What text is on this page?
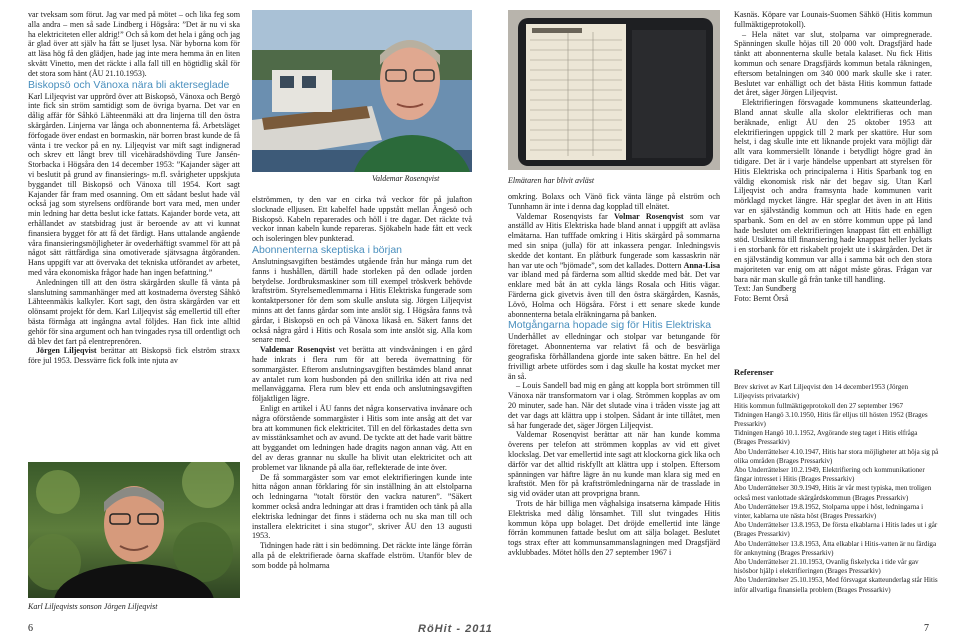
var tveksam som förut. Jag var med på mötet – och lika feg som alla andra – men så sade Lindberg i Högsåra: ”Det är nu vi ska ha elektriciteten eller aldrig!” Och så kom det hela i gång och jag är glad över att själv ha fått se ljuset lysa. När byborna kom för att läsa hög få den glädjen, hade jag inte mera hemma än en liten skvätt Vinetto, men det räckte i alla fall till en högtidlig skål för det stora som hänt (ÅU 21.10.1953).

Biskopsö och Vänoxa nära bli akterseglade

Karl Liljeqvist var upprörd över att Biskopsö, Vänoxa och Bergö inte fick sin ström samtidigt som de övriga byarna. Det var en dålig affär för Såhkö Lähteenmäki att dra linjerna till den östra skärgården. Linjerna var långa och abonnenterna få. Arbetsläget förfogade över endast en bormaskin, när borren brast kunde de få vänta i tre veckor på en ny. Liljeqvist var mift sagt indignerad och skrev ett långt brev till vicehäradshövding Ture Jansén-Storbacka i Högsåra den 14 december 1953: ”Kajander säger att vi beslutit på grund av finansierings- m.fl. svårigheter uppskjuta byggandet till Biskopsö och Vänoxa till 1954. Kort sagt Kajander får fram med osanning. Om ett sådant beslut hade väl också jag som styrelsens ordförande bort vara med, men under min ledning har detta beslut icke fattats. Kajander borde veta, att erhållandet av statsbidrag just är beroende av att vi kunnat finansiera bygget för att få det färdigt. Hans uttalande angående våra finansieringsmöjligheter är ovederhäftigt svammel för att på något sätt rättfärdiga sina omotiverade sjätvsagna åtgöranden. Hans uppgift var att övervaka det tekniska utförandet av arbetet, med våra ekonomiska frågor hade han ingen befattning.”

Anledningen till att den östra skärgården skulle få vänta på slanslutning sammanhänger med att kostnaderna översteg Såhkö Lähteenmäkis kalkyler. Kort sagt, den östra skärgården var ett olönsamt projekt för dem. Karl Liljeqvist såg emellertid till efter bästa förmåga att ingångna avtal följdes. Han fick inte alltid gehör för sina argument och han tvingades rysa till ordentligt och då blev det fart på elentreprenören.

Jörgen Liljeqvist berättar att Biskopsö fick elström straxx före jul 1953. Dessvärre fick folk inte njuta av

Karl Liljeqvists sonson Jörgen Liljeqvist
Valdemar Rosenqvist

elströmmen, ty den var en cirka två veckor för på julafton slocknade elljusen. Ett kabelfel hade uppstått mellan Ängesö och Biskopsö. Kabeln reparerades och höll i tre dagar. Det räckte två veckor innan kabeln kunde repareras. Sjökabeln hade fått ett veck och isoleringen blev punkterad.

Abonnenterna skeptiska i början

Anslutningsavgiften bestämdes utgående från hur många rum det fanns i hushållen, därtill hade storleken på den odlade jorden betydelse. Jordbruksmaskiner som till exempel tröskverk behövde kraftström. Styrelsemedlemmarna i Hitis Elektriska fungerade som kontaktpersoner för dem som skulle ansluta sig. Jörgen Liljeqvist minns att det fanns gårdar som inte anslöt sig. I Högsåra fanns två gårdar, i Biskopsö en och på Vänoxa likaså en. Säkert fanns det också några gård i Hitis och Rosala som inte anslöt sig. Alla kom senare med.

Valdemar Rosenqvist vet berätta att vindsvåningen i en gård hade inkrats i flera rum för att bereda övernattning för sommargäster. Efterom anslutningsavgiften bestämdes bland annat av antalet rum kom husbonden på den snillrika idén att riva ned mellanväggarna. Flera rum blev ett enda och anslutningsavgiften följaktligen lägre.

Enligt en artikel i ÅU fanns det några konservativa invånare och några oförstående sommargäster i Hitis som inte ansåg att det var bra att kommunen fick elektricitet. Till en del förkastades detta svn av misstänksamhet och av avund. De tyckte att det hade varit bättre att byggandet om ledningen hade dragits nagon annan väg. Att en del av deras grannar nu skulle ha blivit utan elektricitet och att problemet var liknande på alla öar, reflekterade de inte över.

De få sommargäster som var emot elektrifieringen kunde inte hitta någon annan förklaring för sin inställning än att elstolparna och ledningarna ”totalt förstör den vackra naturen”. ”Säkert kommer också andra ledningar att dras i framtiden och tänk på alla elektriska ledningar det finns i städerna och nu ska man till och installera elektricitet i sina stugor”, skriver ÅU den 13 augusti 1953.

Tidningen hade rätt i sin bedömning. Det räckte inte länge förrän alla på de elektrifierade öarna skaffade elström. Utanför blev de som bodde på holmarna

Elmätaren har blivit avläst

omkring. Bolaxs och Vänö fick vänta länge på elström och Tunnhamn är inte i denna dag kopplad till elnätet.

Valdemar Rosenqvists far Volmar Rosenqvist som var anställd av Hitis Elektriska hade bland annat i uppgift att avläsa elmätarna. Han tufffade omkring i Hitis skärgård på sommarna med sin snipa (julla) för att inkassera pengar. Inledningsvis skedde det kontant. En plåtburk fungerade som kassaskrin när han var ute och ”bjömade”, som det kallades. Dottern Anna-Lisa var ibland med på färderna som alltid skedde med båt. Det var enklare med båt än att cykla längs Rosala och Hitis vägar. Färderna gick givetvis även till den östra skärgården, Kasnäs, Lövö, Holma och Högsåra. Först i ett senare skede kunde abonnenterna betala elräkningarna på banken.

Motgångarna hopade sig för Hitis Elektriska

Underhållet av elledningar och stolpar var betungande för företaget. Abonnenterna var relativt få och de besvärliga geografiska förhållandena gjorde inte saken bättre. En hel del frivilligt arbete utfördes som i dag skulle ha kostat mycket mer än så.

– Louis Sandell bad mig en gång att koppla bort strömmen till Vänoxa när transformatorn var i olag. Strömmen kopplas av om 20 minuter, sade han. När det slutade vina i tråden visste jag att det var dags att klättra upp i stolpen. Sådant är inte tillåtet, men så har fungerade det, säger Jörgen Liljeqvist.

Valdemar Rosenqvist berättar att när han kunde komma överens per telefon att strömmen kopplas av vid ett givet klockslag. Det var emellertid inte sagt att klockorna gick lika och därför var det alltid riskfyllt att klättra upp i stolpen. Eftersom spänningen var häftre lägre än nu kunde man klara sig med en kraftstöt. Men för på kraftströmledningarna när de trasslade in sig vid oväder utan att provprigna brann.

Trots de här billiga men våghalsiga insatserna kämpade Hitis Elektriska med dålig lönsamhet. Till slut tvingades Hitis kommun köpa upp bolaget. Det dröjde emellertid inte länge förrän kommunen fattade beslut om att sälja bolaget. Beslutet togs strax efter att kommunsammanslagningen med Dragsfjärd avklubbades. Mötet hölls den 27 september 1967 i

Kasnäs. Köpare var Lounais-Suomen Sähkö (Hitis kommun fullmäktigeprotokoll).

– Hela nätet var slut, stolparna var oimpregnerade. Spänningen skulle höjas till 20 000 volt. Dragsfjärd hade tänkt att abonnenterna skulle betala kalaset. Nu fick Hitis kommun och senare Dragsfjärds kommun betala räkningen, eftersom betalningen om 340 000 mark skulle ske i rater. Beslutet var enhälligt och det bästa Hitis kommun fattade det året, säger Jörgen Liljeqvist.

Elektrifieringen försvagade kommunens skatteunderlag. Bland annat skulle alla skolor elektrifieras och man beräknade, enligt ÅU den 25 oktober 1953 att elektrifieringen uppgick till 2 mark per skattöre. Hur som helst, i dag skulle inte ett liknande projekt vara möjligt där allt vara kommersiellt lönande i betydligt högre grad än tidigare. Det är i varje händelse uppenbart att styrelsen för Hitis Elektriska och principalerna i Hitis Sparbank tog en väldig ekonomisk risk när det begav sig. Utan Karl Liljeqvist och andra framsynta hade kommunen varit mörklagd mycket längre. Här speglar det även in att Hitis var en självständig kommun och att Hitis hade en egen sparbank. Som en del av en större kommun uppe på land hade beslutet om elektrifieringen knappast fått ett enhälligt stöd. Utsikterna till finansiering hade knappast heller lyckats i en storbank för ett riskabelt projekt ute i skärgården. Det är en självständig kommun var alla i samma båt och den stora majoriteten var enig om att något måste göras. Frågan var bara när man skulle gå från tanke till handling.

Text: Jan Sundberg

Foto: Bernt Örså

Referenser

Brev skrivet av Karl Liljeqvist den 14 december1953 (Jörgen Liljeqvists privatarkiv)

Hitis kommun fullmäktigeprotokoll den 27 september 1967

Tidningen Hangö 3.10.1950, Hitis får elljus till hösten 1952 (Brages Pressarkiv)

Tidningen Hangö 10.1.1952, Avgörande steg taget i Hitis elfråga (Brages Pressarkiv)

Åbo Underrättelser 4.10.1947, Hitis har stora möjligheter att höja sig på olika områden (Brages Pressarkiv)

Åbo Underrättelser 10.2.1949, Elektrifiering och kommunikationer fängar intresset i Hitis (Brages Pressarkiv)

Åbo Underrättelser 30.9.1949, Hitis är vår mest typiska, men troligen också mest vanlottade skärgårdskommun (Brages Pressarkiv)

Åbo Underrättelser 19.8.1952, Stolparna uppe i höst, ledningarna i vinter, kablarna ute nästa höst (Brages Pressarkiv)

Åbo Underrättelser 13.8.1953, De första elkablarna i Hitis lades ut i går (Brages Pressarkiv)

Åbo Underrättelser 13.8.1953, Åtta elkablar i Hitis-vatten är nu färdiga för anknytning (Brages Pressarkiv)

Åbo Underrättelser 21.10.1953, Ovanlig fiskelycka i tide vår gav hisösbor hjälp i elektrifieringen (Brages Pressarkiv)

Åbo Underrättelser 25.10.1953, Med försvagat skatteunderlag står Hitis inför allvarliga finansiella problem (Brages Pressarkiv)

6	RöHit - 2011	7
